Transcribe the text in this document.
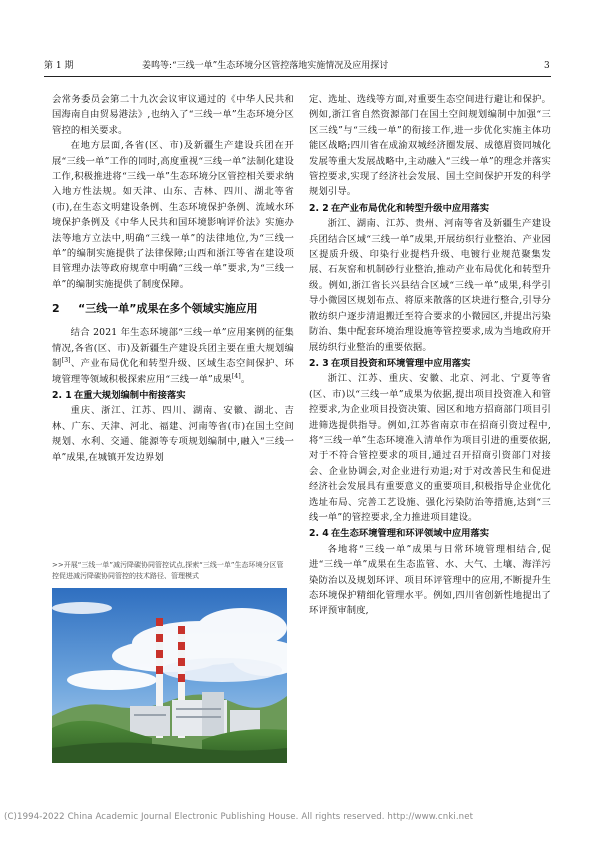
第 1 期	姜鸣等:“三线一单”生态环境分区管控落地实施情况及应用探讨	3

会常务委员会第二十九次会议审议通过的《中华人民共和国海南自由贸易港法》,也纳入了“三线一单”生态环境分区管控的相关要求。

在地方层面,各省(区、市)及新疆生产建设兵团在开展“三线一单”工作的同时,高度重视“三线一单”法制化建设工作,积极推进将“三线一单”生态环境分区管控相关要求纳入地方性法规。如天津、山东、吉林、四川、湖北等省(市),在生态文明建设条例、生态环境保护条例、流域水环境保护条例及《中华人民共和国环境影响评价法》实施办法等地方立法中,明确“三线一单”的法律地位,为“三线一单”的编制实施提供了法律保障;山西和浙江等省在建设项目管理办法等政府规章中明确“三线一单”要求,为“三线一单”的编制实施提供了制度保障。

2 “三线一单”成果在多个领域实施应用

结合 2021 年生态环境部“三线一单”应用案例的征集情况,各省(区、市)及新疆生产建设兵团主要在重大规划编制[3]、产业布局优化和转型升级、区域生态空间保护、环境管理等领域积极探索应用“三线一单”成果[4]。

2. 1 在重大规划编制中衔接落实

重庆、浙江、江苏、四川、湖南、安徽、湖北、吉林、广东、天津、河北、福建、河南等省(市)在国土空间规划、水利、交通、能源等专项规划编制中,融入“三线一单”成果,在城镇开发边界划

>>开展“三线一单”减污降碳协同管控试点,探索“三线一单”生态环境分区管控促进减污降碳协同管控的技术路径、管理模式

定、选址、选线等方面,对重要生态空间进行避让和保护。例如,浙江省自然资源部门在国土空间规划编制中加强“三区三线”与“三线一单”的衔接工作,进一步优化实施主体功能区战略;四川省在成渝双城经济圈发展、成德眉资同城化发展等重大发展战略中,主动融入“三线一单”的理念并落实管控要求,实现了经济社会发展、国土空间保护开发的科学规划引导。

2. 2 在产业布局优化和转型升级中应用落实

浙江、湖南、江苏、贵州、河南等省及新疆生产建设兵团结合区域“三线一单”成果,开展纺织行业整治、产业园区提质升级、印染行业提档升级、电镀行业规范聚集发展、石灰窑和机制砂行业整治,推动产业布局优化和转型升级。例如,浙江省长兴县结合区域“三线一单”成果,科学引导小微园区规划布点、将原来散落的区块进行整合,引导分散纺织户逐步清退搬迁至符合要求的小微园区,并提出污染防治、集中配套环境治理设施等管控要求,成为当地政府开展纺织行业整治的重要依据。

2. 3 在项目投资和环境管理中应用落实

浙江、江苏、重庆、安徽、北京、河北、宁夏等省(区、市)以“三线一单”成果为依据,提出项目投资准入和管控要求,为企业项目投资决策、园区和地方招商部门项目引进筛选提供指导。例如,江苏省南京市在招商引资过程中,将“三线一单”生态环境准入清单作为项目引进的重要依据,对于不符合管控要求的项目,通过召开招商引资部门对接会、企业协调会,对企业进行劝退;对于对改善民生和促进经济社会发展具有重要意义的重要项目,积极指导企业优化选址布局、完善工艺设施、强化污染防治等措施,达到“三线一单”的管控要求,全力推进项目建设。

2. 4 在生态环境管理和环评领域中应用落实

各地将“三线一单”成果与日常环境管理相结合,促进“三线一单”成果在生态监管、水、大气、土壤、海洋污染防治以及规划环评、项目环评管理中的应用,不断提升生态环境保护精细化管理水平。例如,四川省创新性地提出了环评预审制度,

(C)1994-2022 China Academic Journal Electronic Publishing House. All rights reserved. http://www.cnki.net
